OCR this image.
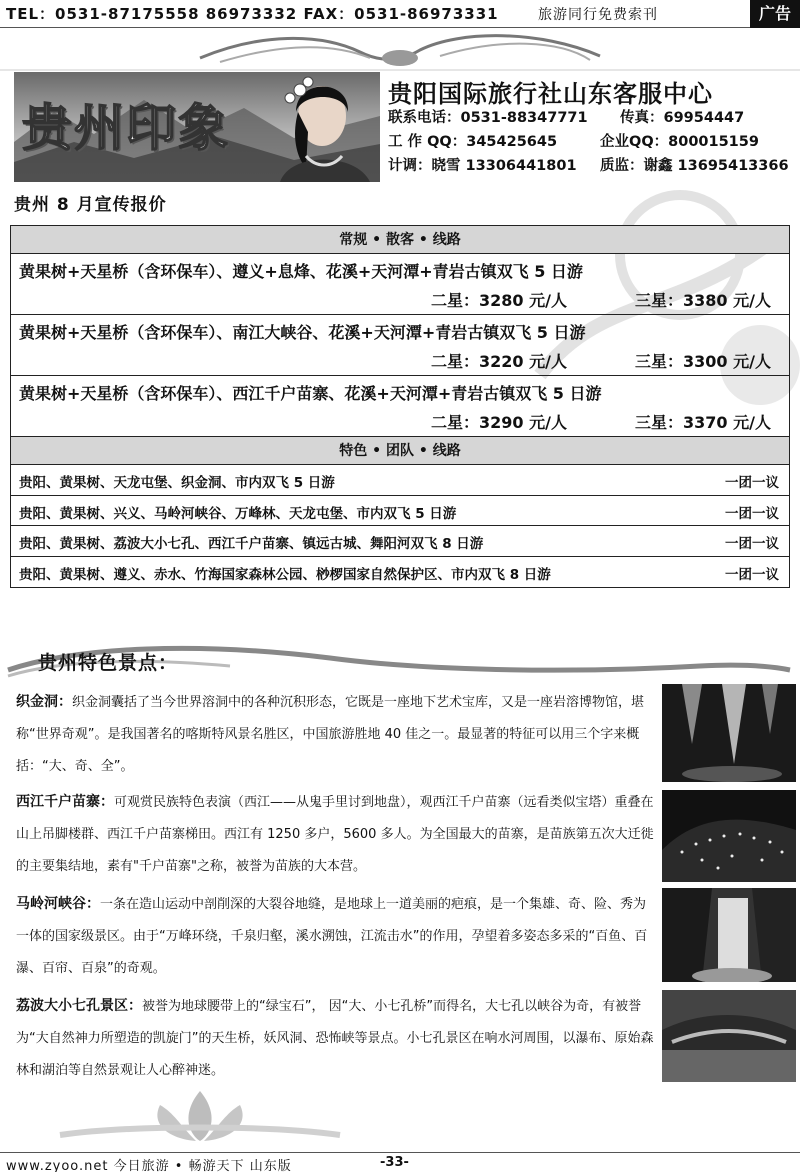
TEL：0531-87175558 86973332 FAX：0531-86973331	旅游同行免费索刊	广告
贵州印象
贵阳国际旅行社山东客服中心
联系电话：0531-88347771 传真：69954447
工 作 QQ：345425645	企业QQ：800015159
计调：晓雪 13306441801 质监：谢鑫 13695413366
贵州 8 月宣传报价
常规 • 散客 • 线路
黄果树+天星桥（含环保车）、遵义+息烽、花溪+天河潭+青岩古镇双飞 5 日游
二星：3280 元/人	三星：3380 元/人
黄果树+天星桥（含环保车）、南江大峡谷、花溪+天河潭+青岩古镇双飞 5 日游
二星：3220 元/人	三星：3300 元/人
黄果树+天星桥（含环保车）、西江千户苗寨、花溪+天河潭+青岩古镇双飞 5 日游
二星：3290 元/人	三星：3370 元/人
特色 • 团队 • 线路
贵阳、黄果树、天龙屯堡、织金洞、市内双飞 5 日游	一团一议
贵阳、黄果树、兴义、马岭河峡谷、万峰林、天龙屯堡、市内双飞 5 日游	一团一议
贵阳、黄果树、荔波大小七孔、西江千户苗寨、镇远古城、舞阳河双飞 8 日游	一团一议
贵阳、黄果树、遵义、赤水、竹海国家森林公园、桫椤国家自然保护区、市内双飞 8 日游	一团一议
贵州特色景点：
织金洞：织金洞囊括了当今世界溶洞中的各种沉积形态，它既是一座地下艺术宝库，又是一座岩溶博物馆，堪称“世界奇观”。是我国著名的喀斯特风景名胜区，中国旅游胜地 40 佳之一。最显著的特征可以用三个字来概括：“大、奇、全”。
西江千户苗寨：可观赏民族特色表演（西江——从鬼手里讨到地盘），观西江千户苗寨（远看类似宝塔）重叠在山上吊脚楼群、西江千户苗寨梯田。西江有 1250 多户，5600 多人。为全国最大的苗寨，是苗族第五次大迁徙的主要集结地，素有"千户苗寨"之称，被誉为苗族的大本营。
马岭河峡谷：一条在造山运动中剖削深的大裂谷地缝，是地球上一道美丽的疤痕，是一个集雄、奇、险、秀为一体的国家级景区。由于“万峰环绕，千泉归壑，溪水溯蚀，江流击水”的作用，孕望着多姿态多采的“百鱼、百瀑、百帘、百泉”的奇观。
荔波大小七孔景区：被誉为地球腰带上的“绿宝石”， 因“大、小七孔桥”而得名，大七孔以峡谷为奇，有被誉为“大自然神力所塑造的凯旋门”的天生桥，妖风洞、恐怖峡等景点。小七孔景区在响水河周围，以瀑布、原始森林和湖泊等自然景观让人心醉神迷。
www.zyoo.net 今日旅游 • 畅游天下 山东版	-33-
